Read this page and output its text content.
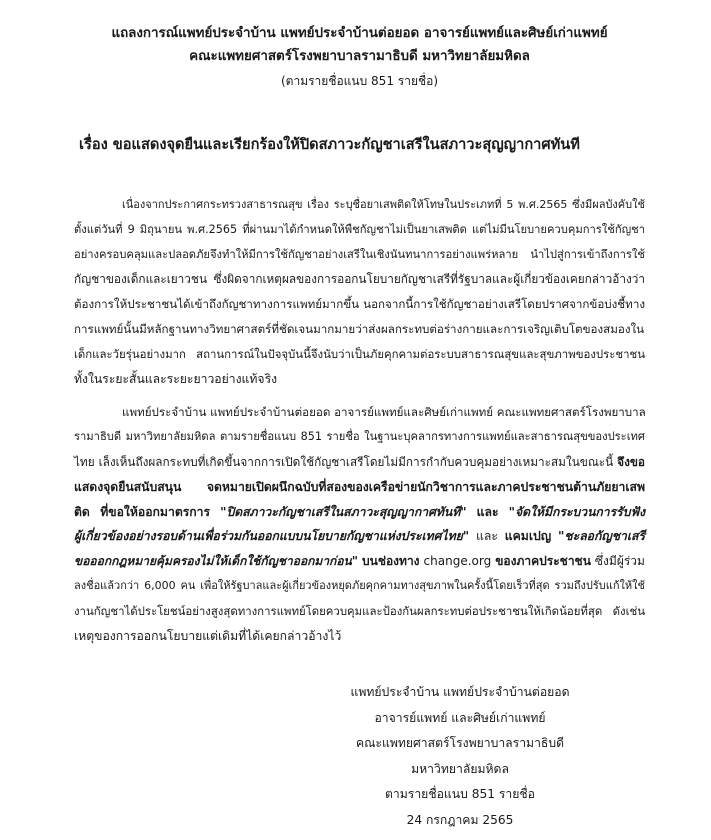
แถลงการณ์แพทย์ประจำบ้าน แพทย์ประจำบ้านต่อยอด อาจารย์แพทย์และศิษย์เก่าแพทย์
คณะแพทยศาสตร์โรงพยาบาลรามาธิบดี มหาวิทยาลัยมหิดล
(ตามรายชื่อแนบ 851 รายชื่อ)
เรื่อง ขอแสดงจุดยืนและเรียกร้องให้ปิดสภาวะกัญชาเสรีในสภาวะสุญญากาศทันที
เนื่องจากประกาศกระทรวงสาธารณสุข เรื่อง ระบุชื่อยาเสพติดให้โทษในประเภทที่ 5 พ.ศ.2565 ซึ่งมีผลบังคับใช้
ตั้งแต่วันที่ 9 มิถุนายน พ.ศ.2565 ที่ผ่านมาได้กำหนดให้พืชกัญชาไม่เป็นยาเสพติด แต่ไม่มีนโยบายควบคุมการใช้กัญชา
อย่างครอบคลุมและปลอดภัยจึงทำให้มีการใช้กัญชาอย่างเสรีในเชิงนันทนาการอย่างแพร่หลาย นำไปสู่การเข้าถึงการใช้
กัญชาของเด็กและเยาวชน ซึ่งผิดจากเหตุผลของการออกนโยบายกัญชาเสรีที่รัฐบาลและผู้เกี่ยวข้องเคยกล่าวอ้างว่า
ต้องการให้ประชาชนได้เข้าถึงกัญชาทางการแพทย์มากขึ้น นอกจากนี้การใช้กัญชาอย่างเสรีโดยปราศจากข้อบ่งชี้ทาง
การแพทย์นั้นมีหลักฐานทางวิทยาศาสตร์ที่ชัดเจนมากมายว่าส่งผลกระทบต่อร่างกายและการเจริญเติบโตของสมองใน
เด็กและวัยรุ่นอย่างมาก สถานการณ์ในปัจจุบันนี้จึงนับว่าเป็นภัยคุกคามต่อระบบสาธารณสุขและสุขภาพของประชาชน
ทั้งในระยะสั้นและระยะยาวอย่างแท้จริง
แพทย์ประจำบ้าน แพทย์ประจำบ้านต่อยอด อาจารย์แพทย์และศิษย์เก่าแพทย์ คณะแพทยศาสตร์โรงพยาบาล
รามาธิบดี มหาวิทยาลัยมหิดล ตามรายชื่อแนบ 851 รายชื่อ ในฐานะบุคลากรทางการแพทย์และสาธารณสุขของประเทศ
ไทย เล็งเห็นถึงผลกระทบที่เกิดขึ้นจากการเปิดใช้กัญชาเสรีโดยไม่มีการกำกับควบคุมอย่างเหมาะสมในขณะนี้ จึงขอ
แสดงจุดยืนสนับสนุน จดหมายเปิดผนึกฉบับที่สองของเครือข่ายนักวิชาการและภาคประชาชนต้านภัยยาเสพ
ติด ที่ขอให้ออกมาตรการ "ปิดสภาวะกัญชาเสรีในสภาวะสุญญากาศทันที" และ "จัดให้มีกระบวนการรับฟัง
ผู้เกี่ยวข้องอย่างรอบด้านเพื่อร่วมกันออกแบบนโยบายกัญชาแห่งประเทศไทย" และ แคมเปญ "ชะลอกัญชาเสรี
ขอออกกฎหมายคุ้มครองไม่ให้เด็กใช้กัญชาออกมาก่อน" บนช่องทาง change.org ของภาคประชาชน ซึ่งมีผู้ร่วม
ลงชื่อแล้วกว่า 6,000 คน เพื่อให้รัฐบาลและผู้เกี่ยวข้องหยุดภัยคุกคามทางสุขภาพในครั้งนี้โดยเร็วที่สุด รวมถึงปรับแก้ให้ใช้
งานกัญชาได้ประโยชน์อย่างสูงสุดทางการแพทย์โดยควบคุมและป้องกันผลกระทบต่อประชาชนให้เกิดน้อยที่สุด ดังเช่น
เหตุของการออกนโยบายแต่เดิมที่ได้เคยกล่าวอ้างไว้
แพทย์ประจำบ้าน แพทย์ประจำบ้านต่อยอด
อาจารย์แพทย์ และศิษย์เก่าแพทย์
คณะแพทยศาสตร์โรงพยาบาลรามาธิบดี
มหาวิทยาลัยมหิดล
ตามรายชื่อแนบ 851 รายชื่อ
24 กรกฎาคม 2565
